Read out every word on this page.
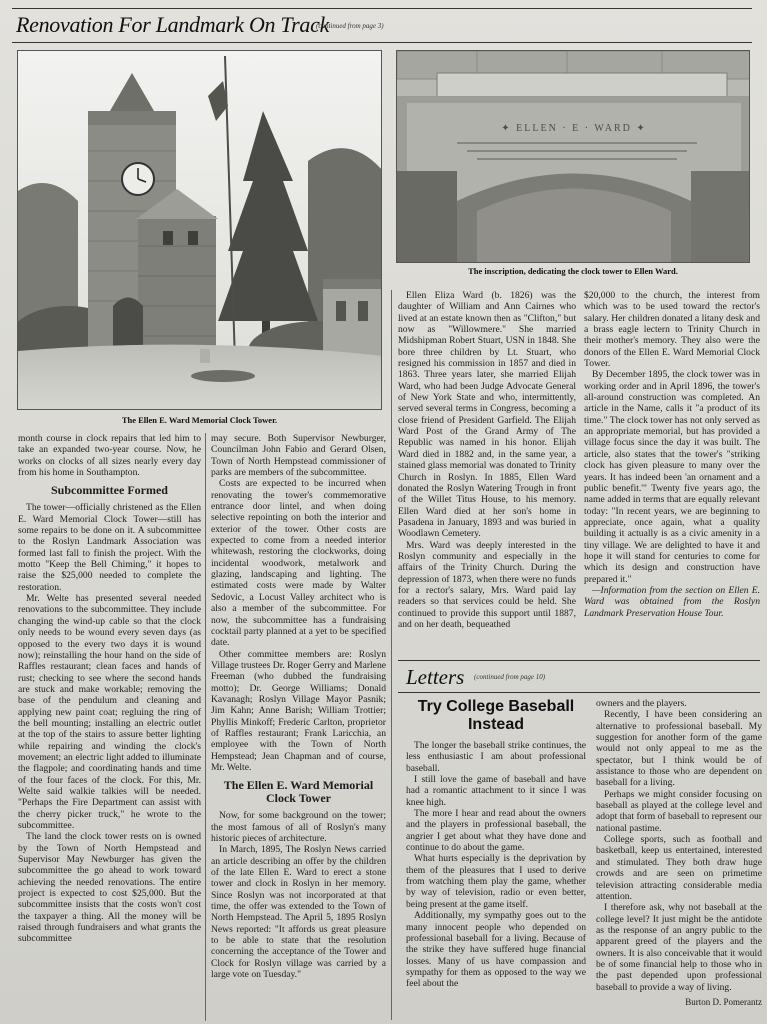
Renovation For Landmark On Track
(continued from page 3)
The Ellen E. Ward Memorial Clock Tower.
✦ ELLEN · E · WARD ✦
The inscription, dedicating the clock tower to Ellen Ward.

month course in clock repairs that led him to take an expanded two-year course. Now, he works on clocks of all sizes nearly every day from his home in Southampton.

Subcommittee Formed

The tower—officially christened as the Ellen E. Ward Memorial Clock Tower—still has some repairs to be done on it. A subcommittee to the Roslyn Landmark Association was formed last fall to finish the project. With the motto "Keep the Bell Chiming," it hopes to raise the $25,000 needed to complete the restoration.

Mr. Welte has presented several needed renovations to the subcommittee. They include changing the wind-up cable so that the clock only needs to be wound every seven days (as opposed to the every two days it is wound now); reinstalling the hour hand on the side of Raffles restaurant; clean faces and hands of rust; checking to see where the second hands are stuck and make workable; removing the base of the pendulum and cleaning and applying new paint coat; regluing the ring of the bell mounting; installing an electric outlet at the top of the stairs to assure better lighting while repairing and winding the clock's movement; an electric light added to illuminate the flagpole; and coordinating hands and time of the four faces of the clock. For this, Mr. Welte said walkie talkies will be needed. "Perhaps the Fire Department can assist with the cherry picker truck," he wrote to the subcommittee.

The land the clock tower rests on is owned by the Town of North Hempstead and Supervisor May Newburger has given the subcommittee the go ahead to work toward achieving the needed renovations. The entire project is expected to cost $25,000. But the subcommittee insists that the costs won't cost the taxpayer a thing. All the money will be raised through fundraisers and what grants the subcommittee

may secure. Both Supervisor Newburger, Councilman John Fabio and Gerard Olsen, Town of North Hempstead commissioner of parks are members of the subcommittee.

Costs are expected to be incurred when renovating the tower's commemorative entrance door lintel, and when doing selective repointing on both the interior and exterior of the tower. Other costs are expected to come from a needed interior whitewash, restoring the clockworks, doing incidental woodwork, metalwork and glazing, landscaping and lighting. The estimated costs were made by Walter Sedovic, a Locust Valley architect who is also a member of the subcommittee. For now, the subcommittee has a fundraising cocktail party planned at a yet to be specified date.

Other committee members are: Roslyn Village trustees Dr. Roger Gerry and Marlene Freeman (who dubbed the fundraising motto); Dr. George Williams; Donald Kavanagh; Roslyn Village Mayor Pasnik; Jim Kahn; Anne Barish; William Trottier; Phyllis Minkoff; Frederic Carlton, proprietor of Raffles restaurant; Frank Laricchia, an employee with the Town of North Hempstead; Jean Chapman and of course, Mr. Welte.

The Ellen E. Ward Memorial Clock Tower

Now, for some background on the tower; the most famous of all of Roslyn's many historic pieces of architecture.

In March, 1895, The Roslyn News carried an article describing an offer by the children of the late Ellen E. Ward to erect a stone tower and clock in Roslyn in her memory. Since Roslyn was not incorporated at that time, the offer was extended to the Town of North Hempstead. The April 5, 1895 Roslyn News reported: "It affords us great pleasure to be able to state that the resolution concerning the acceptance of the Tower and Clock for Roslyn village was carried by a large vote on Tuesday."

Ellen Eliza Ward (b. 1826) was the daughter of William and Ann Cairnes who lived at an estate known then as "Clifton," but now as "Willowmere." She married Midshipman Robert Stuart, USN in 1848. She bore three children by Lt. Stuart, who resigned his commission in 1857 and died in 1863. Three years later, she married Elijah Ward, who had been Judge Advocate General of New York State and who, intermittently, served several terms in Congress, becoming a close friend of President Garfield. The Elijah Ward Post of the Grand Army of The Republic was named in his honor. Elijah Ward died in 1882 and, in the same year, a stained glass memorial was donated to Trinity Church in Roslyn. In 1885, Ellen Ward donated the Roslyn Watering Trough in front of the Willet Titus House, to his memory. Ellen Ward died at her son's home in Pasadena in January, 1893 and was buried in Woodlawn Cemetery.

Mrs. Ward was deeply interested in the Roslyn community and especially in the affairs of the Trinity Church. During the depression of 1873, when there were no funds for a rector's salary, Mrs. Ward paid lay readers so that services could be held. She continued to provide this support until 1887, and on her death, bequeathed

$20,000 to the church, the interest from which was to be used toward the rector's salary. Her children donated a litany desk and a brass eagle lectern to Trinity Church in their mother's memory. They also were the donors of the Ellen E. Ward Memorial Clock Tower.

By December 1895, the clock tower was in working order and in April 1896, the tower's all-around construction was completed. An article in the Name, calls it "a product of its time." The clock tower has not only served as an appropriate memorial, but has provided a village focus since the day it was built. The article, also states that the tower's "striking clock has given pleasure to many over the years. It has indeed been 'an ornament and a public benefit.'" Twenty five years ago, the name added in terms that are equally relevant today: "In recent years, we are beginning to appreciate, once again, what a quality building it actually is as a civic amenity in a tiny village. We are delighted to have it and hope it will stand for centuries to come for which its design and construction have prepared it."

—Information from the section on Ellen E. Ward was obtained from the Roslyn Landmark Preservation House Tour.

Letters (continued from page 10)
Try College Baseball Instead

The longer the baseball strike continues, the less enthusiastic I am about professional baseball.

I still love the game of baseball and have had a romantic attachment to it since I was knee high.

The more I hear and read about the owners and the players in professional baseball, the angrier I get about what they have done and continue to do about the game.

What hurts especially is the deprivation by them of the pleasures that I used to derive from watching them play the game, whether by way of television, radio or even better, being present at the game itself.

Additionally, my sympathy goes out to the many innocent people who depended on professional baseball for a living. Because of the strike they have suffered huge financial losses. Many of us have compassion and sympathy for them as opposed to the way we feel about the

owners and the players.

Recently, I have been considering an alternative to professional baseball. My suggestion for another form of the game would not only appeal to me as the spectator, but I think would be of assistance to those who are dependent on baseball for a living.

Perhaps we might consider focusing on baseball as played at the college level and adopt that form of baseball to represent our national pastime.

College sports, such as football and basketball, keep us entertained, interested and stimulated. They both draw huge crowds and are seen on primetime television attracting considerable media attention.

I therefore ask, why not baseball at the college level? It just might be the antidote as the response of an angry public to the apparent greed of the players and the owners. It is also conceivable that it would be of some financial help to those who in the past depended upon professional baseball to provide a way of living.

Burton D. Pomerantz
